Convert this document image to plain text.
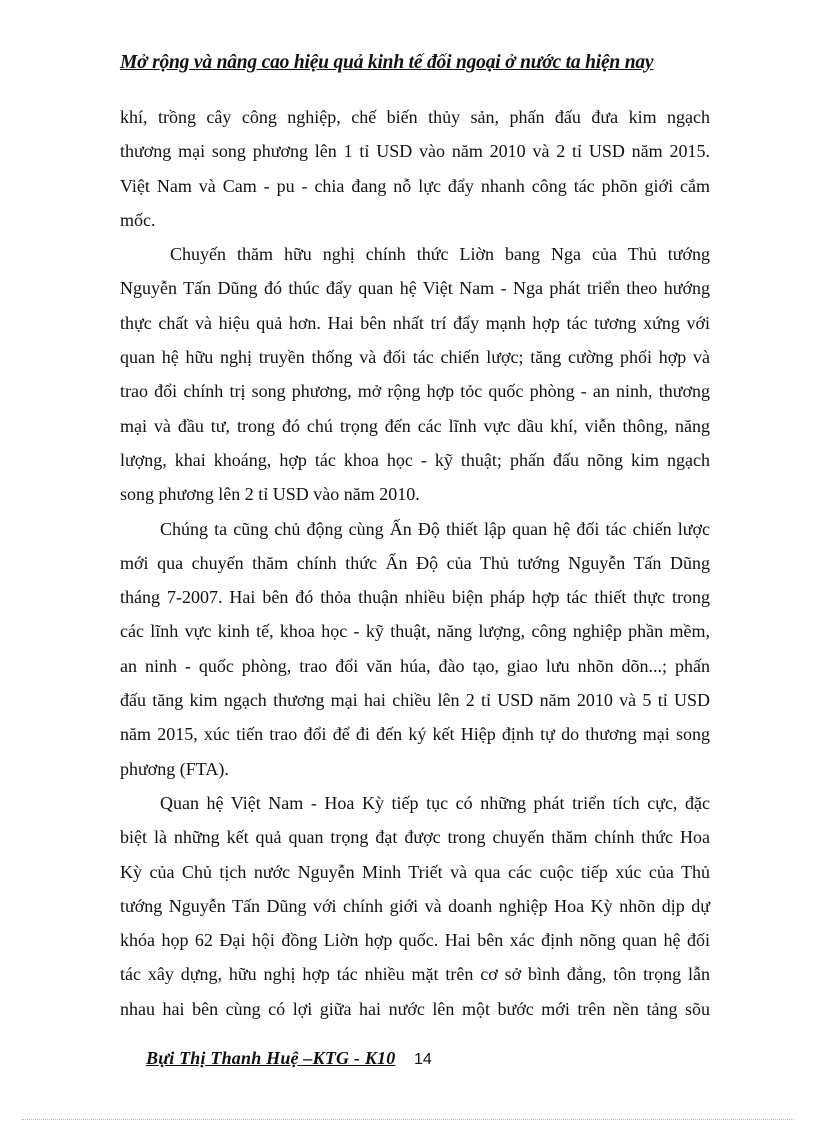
Mở rộng và nâng cao hiệu quả kinh tế đối ngoại ở nước ta hiện nay
khí, trồng cây công nghiệp, chế biến thủy sản, phấn đấu đưa kim ngạch
thương mại song phương lên 1 tỉ USD vào năm 2010 và 2 tỉ USD năm 2015.
Việt Nam và Cam - pu - chia đang nỗ lực đẩy nhanh công tác phõn giới cắm
mốc.
Chuyến thăm hữu nghị chính thức Liờn bang Nga của Thủ tướng
Nguyễn Tấn Dũng đó thúc đẩy quan hệ Việt Nam - Nga phát triển theo hướng
thực chất và hiệu quả hơn. Hai bên nhất trí đẩy mạnh hợp tác tương xứng với
quan hệ hữu nghị truyền thống và đối tác chiến lược; tăng cường phối hợp và
trao đổi chính trị song phương, mở rộng hợp tỏc quốc phòng - an ninh, thương
mại và đầu tư, trong đó chú trọng đến các lĩnh vực dầu khí, viễn thông, năng
lượng, khai khoáng, hợp tác khoa học - kỹ thuật; phấn đấu nõng kim ngạch
song phương lên 2 tỉ USD vào năm 2010.
Chúng ta cũng chủ động cùng Ấn Độ thiết lập quan hệ đối tác chiến lược
mới qua chuyến thăm chính thức Ấn Độ của Thủ tướng Nguyễn Tấn Dũng
tháng 7-2007. Hai bên đó thỏa thuận nhiều biện pháp hợp tác thiết thực trong
các lĩnh vực kinh tế, khoa học - kỹ thuật, năng lượng, công nghiệp phần mềm,
an ninh - quốc phòng, trao đổi văn húa, đào tạo, giao lưu nhõn dõn...; phấn
đấu tăng kim ngạch thương mại hai chiều lên 2 tỉ USD năm 2010 và 5 tỉ USD
năm 2015, xúc tiến trao đổi để đi đến ký kết Hiệp định tự do thương mại song
phương (FTA).
Quan hệ Việt Nam - Hoa Kỳ tiếp tục có những phát triển tích cực, đặc
biệt là những kết quả quan trọng đạt được trong chuyến thăm chính thức Hoa
Kỳ của Chủ tịch nước Nguyễn Minh Triết và qua các cuộc tiếp xúc của Thủ
tướng Nguyễn Tấn Dũng với chính giới và doanh nghiệp Hoa Kỳ nhõn dịp dự
khóa họp 62 Đại hội đồng Liờn hợp quốc. Hai bên xác định nõng quan hệ đối
tác xây dựng, hữu nghị hợp tác nhiều mặt trên cơ sở bình đẳng, tôn trọng lẫn
nhau hai bên cùng có lợi giữa hai nước lên một bước mới trên nền tảng sõu
Bựi Thị Thanh Huệ –KTG - K10 14
